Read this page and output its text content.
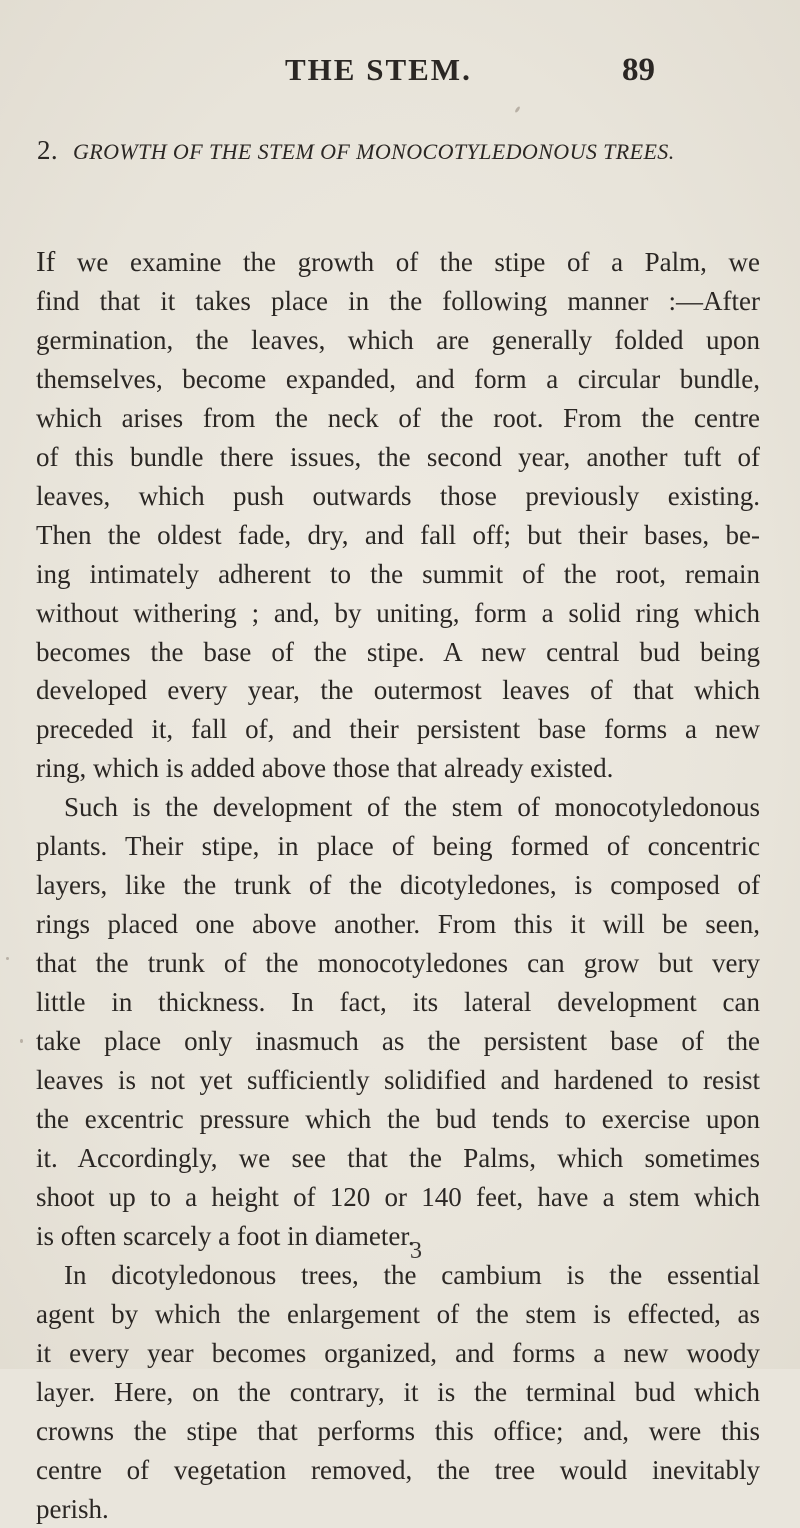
THE STEM.	89
2. GROWTH OF THE STEM OF MONOCOTYLEDONOUS TREES.

If we examine the growth of the stipe of a Palm, we
find that it takes place in the following manner :—After
germination, the leaves, which are generally folded upon
themselves, become expanded, and form a circular bundle,
which arises from the neck of the root. From the centre
of this bundle there issues, the second year, another tuft of
leaves, which push outwards those previously existing.
Then the oldest fade, dry, and fall off; but their bases, be-
ing intimately adherent to the summit of the root, remain
without withering ; and, by uniting, form a solid ring which
becomes the base of the stipe. A new central bud being
developed every year, the outermost leaves of that which
preceded it, fall of, and their persistent base forms a new
ring, which is added above those that already existed.

Such is the development of the stem of monocotyledonous
plants. Their stipe, in place of being formed of concentric
layers, like the trunk of the dicotyledones, is composed of
rings placed one above another. From this it will be seen,
that the trunk of the monocotyledones can grow but very
little in thickness. In fact, its lateral development can
take place only inasmuch as the persistent base of the
leaves is not yet sufficiently solidified and hardened to resist
the excentric pressure which the bud tends to exercise upon
it. Accordingly, we see that the Palms, which sometimes
shoot up to a height of 120 or 140 feet, have a stem which
is often scarcely a foot in diameter.

In dicotyledonous trees, the cambium is the essential
agent by which the enlargement of the stem is effected, as
it every year becomes organized, and forms a new woody
layer. Here, on the contrary, it is the terminal bud which
crowns the stipe that performs this office; and, were this
centre of vegetation removed, the tree would inevitably
perish.

3
